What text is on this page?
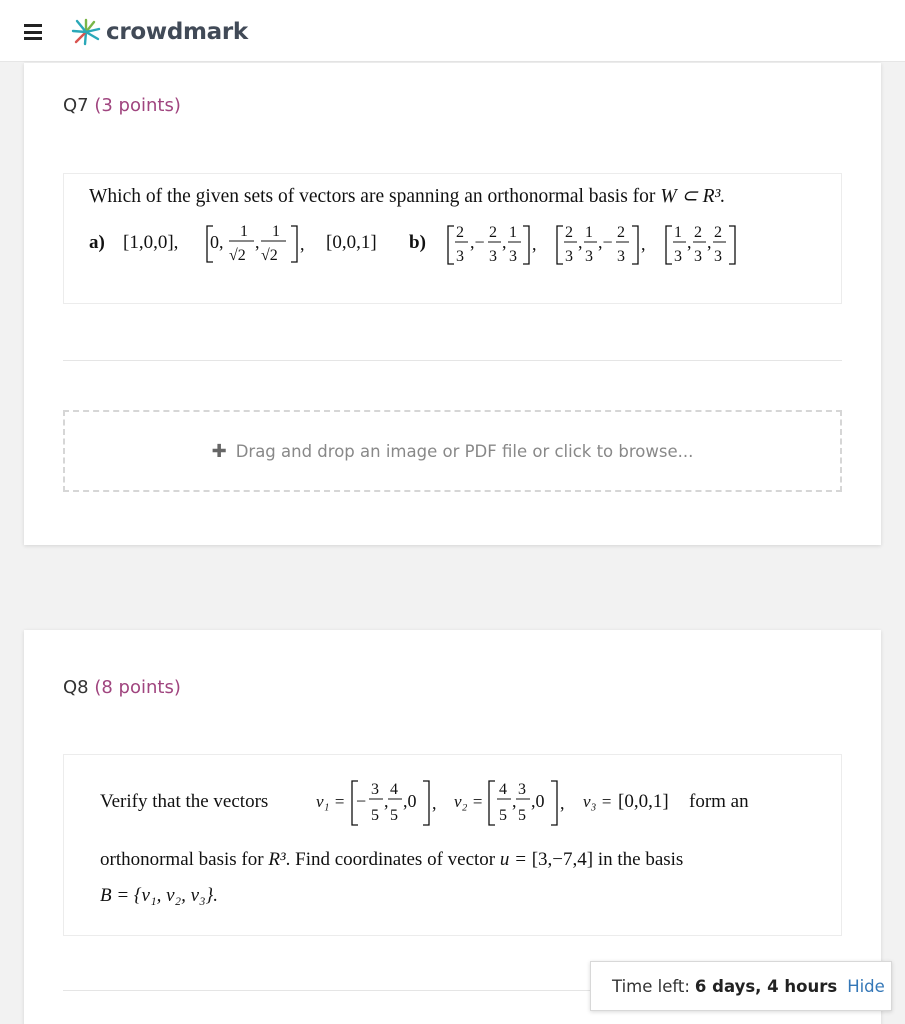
crowdmark
Q7 (3 points)
Which of the given sets of vectors are spanning an orthonormal basis for W ⊂ R³.
a) [1,0,0], 0,
1
√2
,
1
√2
, [0,0,1] b) 2
3
,− 2
3
, 1
3
,
2
3
, 1
3
,− 2
3
,
1
3
, 2
3
, 2
3
✚ Drag and drop an image or PDF file or click to browse...
Q8 (8 points)
Verify that the vectors	v₁ = −
3
5
,
4
5
,0 , v₂ =
4
5
,
3
5
,0 , v₃ = [0,0,1] form an
orthonormal basis for R³. Find coordinates of vector u = [3,−7,4] in the basis
B = {v₁, v₂, v₃}.
Time left: 6 days, 4 hours Hide
